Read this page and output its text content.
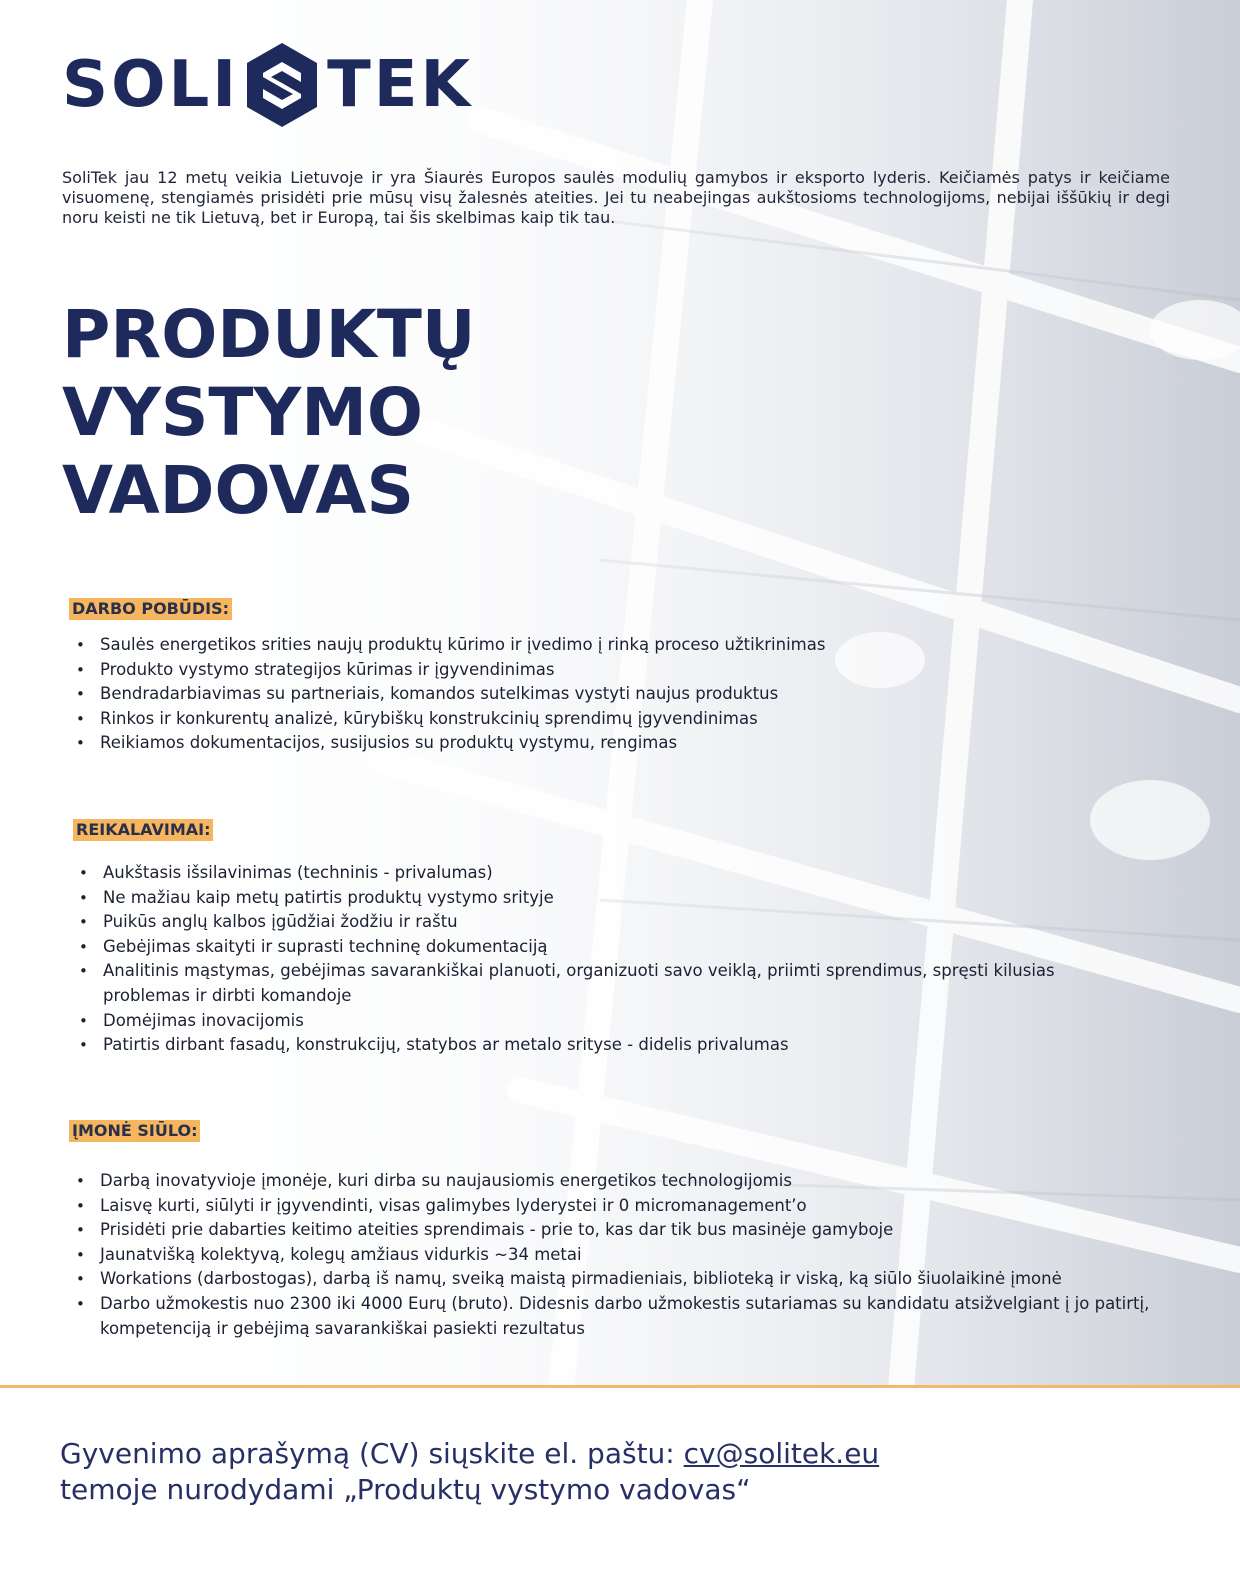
SOLI TEK
SoliTek jau 12 metų veikia Lietuvoje ir yra Šiaurės Europos saulės modulių gamybos ir eksporto lyderis. Keičiamės patys ir keičiame visuomenę, stengiamės prisidėti prie mūsų visų žalesnės ateities. Jei tu neabejingas aukštosioms technologijoms, nebijai iššūkių ir degi noru keisti ne tik Lietuvą, bet ir Europą, tai šis skelbimas kaip tik tau.
PRODUKTŲ
VYSTYMO
VADOVAS
DARBO POBŪDIS:
• Saulės energetikos srities naujų produktų kūrimo ir įvedimo į rinką proceso užtikrinimas
• Produkto vystymo strategijos kūrimas ir įgyvendinimas
• Bendradarbiavimas su partneriais, komandos sutelkimas vystyti naujus produktus
• Rinkos ir konkurentų analizė, kūrybiškų konstrukcinių sprendimų įgyvendinimas
• Reikiamos dokumentacijos, susijusios su produktų vystymu, rengimas
REIKALAVIMAI:
• Aukštasis išsilavinimas (techninis - privalumas)
• Ne mažiau kaip metų patirtis produktų vystymo srityje
• Puikūs anglų kalbos įgūdžiai žodžiu ir raštu
• Gebėjimas skaityti ir suprasti techninę dokumentaciją
• Analitinis mąstymas, gebėjimas savarankiškai planuoti, organizuoti savo veiklą, priimti sprendimus, spręsti kilusias problemas ir dirbti komandoje
• Domėjimas inovacijomis
• Patirtis dirbant fasadų, konstrukcijų, statybos ar metalo srityse - didelis privalumas
ĮMONĖ SIŪLO:
• Darbą inovatyvioje įmonėje, kuri dirba su naujausiomis energetikos technologijomis
• Laisvę kurti, siūlyti ir įgyvendinti, visas galimybes lyderystei ir 0 micromanagement’o
• Prisidėti prie dabarties keitimo ateities sprendimais - prie to, kas dar tik bus masinėje gamyboje
• Jaunatvišką kolektyvą, kolegų amžiaus vidurkis ~34 metai
• Workations (darbostogas), darbą iš namų, sveiką maistą pirmadieniais, biblioteką ir viską, ką siūlo šiuolaikinė įmonė
• Darbo užmokestis nuo 2300 iki 4000 Eurų (bruto). Didesnis darbo užmokestis sutariamas su kandidatu atsižvelgiant į jo patirtį, kompetenciją ir gebėjimą savarankiškai pasiekti rezultatus
Gyvenimo aprašymą (CV) siųskite el. paštu: cv@solitek.eu
temoje nurodydami „Produktų vystymo vadovas“
